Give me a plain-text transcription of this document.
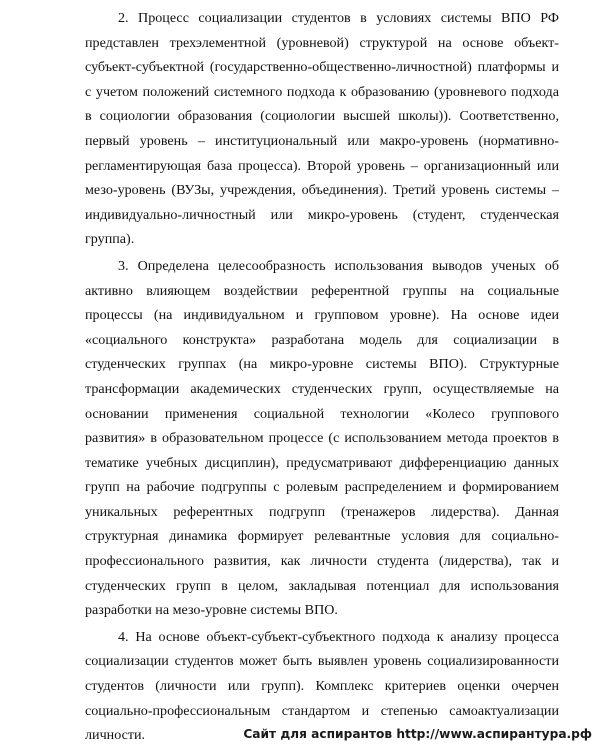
2. Процесс социализации студентов в условиях системы ВПО РФ представлен трехэлементной (уровневой) структурой на основе объект-субъект-субъектной (государственно-общественно-личностной) платформы и с учетом положений системного подхода к образованию (уровневого подхода в социологии образования (социологии высшей школы)). Соответственно, первый уровень – институциональный или макро-уровень (нормативно-регламентирующая база процесса). Второй уровень – организационный или мезо-уровень (ВУЗы, учреждения, объединения). Третий уровень системы – индивидуально-личностный или микро-уровень (студент, студенческая группа).

3. Определена целесообразность использования выводов ученых об активно влияющем воздействии референтной группы на социальные процессы (на индивидуальном и групповом уровне). На основе идеи «социального конструкта» разработана модель для социализации в студенческих группах (на микро-уровне системы ВПО). Структурные трансформации академических студенческих групп, осуществляемые на основании применения социальной технологии «Колесо группового развития» в образовательном процессе (с использованием метода проектов в тематике учебных дисциплин), предусматривают дифференциацию данных групп на рабочие подгруппы с ролевым распределением и формированием уникальных референтных подгрупп (тренажеров лидерства). Данная структурная динамика формирует релевантные условия для социально-профессионального развития, как личности студента (лидерства), так и студенческих групп в целом, закладывая потенциал для использования разработки на мезо-уровне системы ВПО.

4. На основе объект-субъект-субъектного подхода к анализу процесса социализации студентов может быть выявлен уровень социализированности студентов (личности или групп). Комплекс критериев оценки очерчен социально-профессиональным стандартом и степенью самоактуализации личности.	Сайт для аспирантов http://www.аспирантура.рф
